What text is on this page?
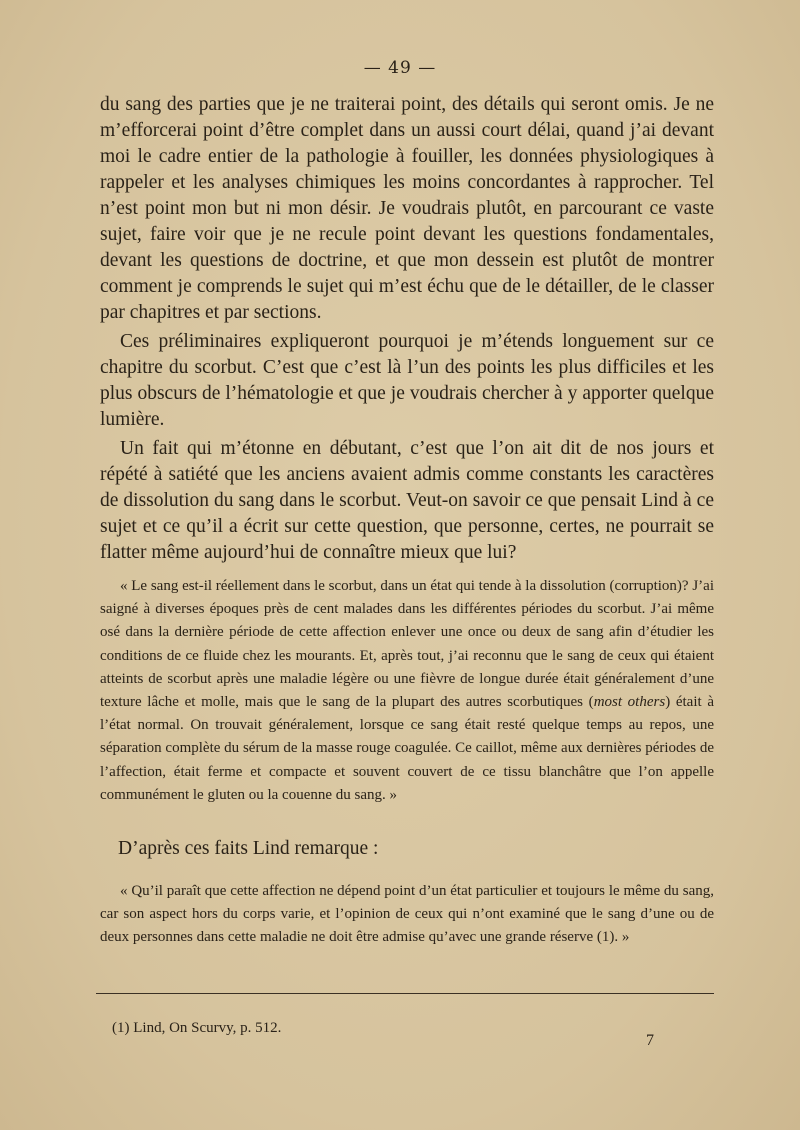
— 49 —

du sang des parties que je ne traiterai point, des détails qui seront omis. Je ne m’efforcerai point d’être complet dans un aussi court délai, quand j’ai devant moi le cadre entier de la pathologie à fouiller, les données physiologiques à rappeler et les analyses chimiques les moins concordantes à rapprocher. Tel n’est point mon but ni mon désir. Je voudrais plutôt, en parcourant ce vaste sujet, faire voir que je ne recule point devant les questions fondamentales, devant les questions de doctrine, et que mon dessein est plutôt de montrer comment je comprends le sujet qui m’est échu que de le détailler, de le classer par chapitres et par sections.

Ces préliminaires expliqueront pourquoi je m’étends longuement sur ce chapitre du scorbut. C’est que c’est là l’un des points les plus difficiles et les plus obscurs de l’hématologie et que je voudrais chercher à y apporter quelque lumière.

Un fait qui m’étonne en débutant, c’est que l’on ait dit de nos jours et répété à satiété que les anciens avaient admis comme constants les caractères de dissolution du sang dans le scorbut. Veut-on savoir ce que pensait Lind à ce sujet et ce qu’il a écrit sur cette question, que personne, certes, ne pourrait se flatter même aujourd’hui de connaître mieux que lui?

« Le sang est-il réellement dans le scorbut, dans un état qui tende à la dissolution (corruption)? J’ai saigné à diverses époques près de cent malades dans les différentes périodes du scorbut. J’ai même osé dans la dernière période de cette affection enlever une once ou deux de sang afin d’étudier les conditions de ce fluide chez les mourants. Et, après tout, j’ai reconnu que le sang de ceux qui étaient atteints de scorbut après une maladie légère ou une fièvre de longue durée était généralement d’une texture lâche et molle, mais que le sang de la plupart des autres scorbutiques (most others) était à l’état normal. On trouvait généralement, lorsque ce sang était resté quelque temps au repos, une séparation complète du sérum de la masse rouge coagulée. Ce caillot, même aux dernières périodes de l’affection, était ferme et compacte et souvent couvert de ce tissu blanchâtre que l’on appelle communément le gluten ou la couenne du sang. »

D’après ces faits Lind remarque :

« Qu’il paraît que cette affection ne dépend point d’un état particulier et toujours le même du sang, car son aspect hors du corps varie, et l’opinion de ceux qui n’ont examiné que le sang d’une ou de deux personnes dans cette maladie ne doit être admise qu’avec une grande réserve (1). »

(1) Lind, On Scurvy, p. 512.
7
